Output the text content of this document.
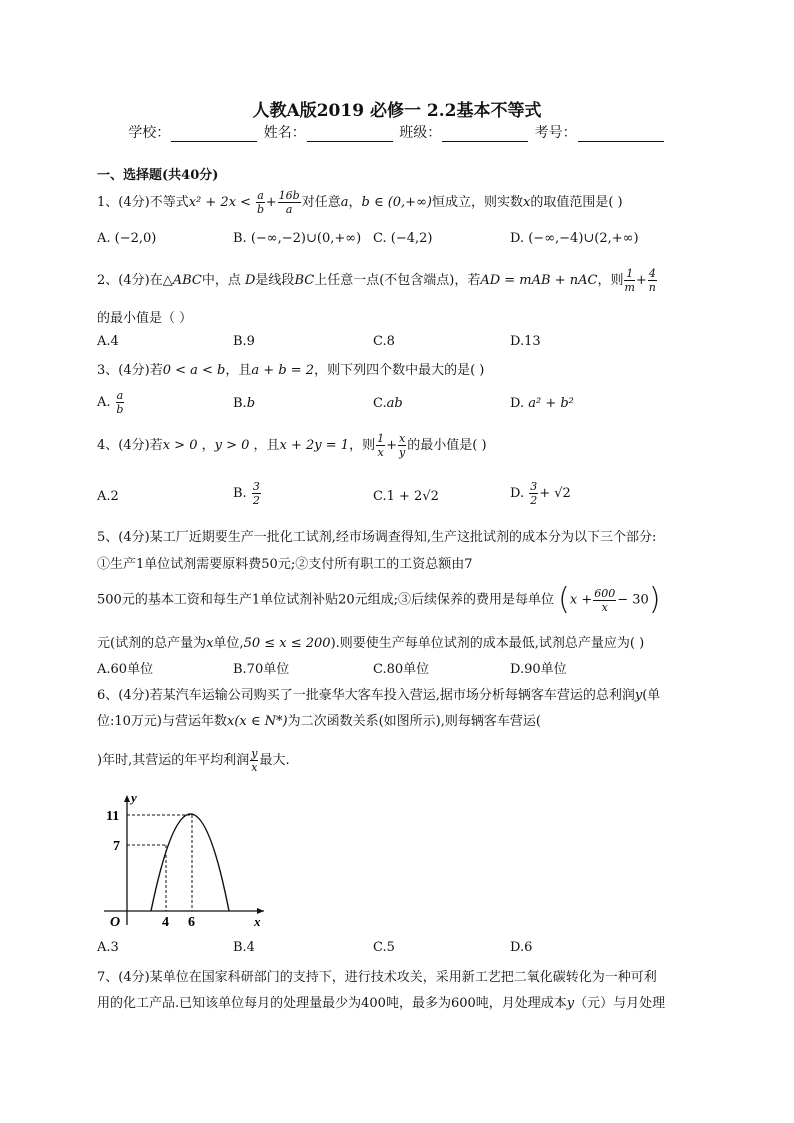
人教A版2019 必修一 2.2基本不等式
学校：	姓名：	班级：	考号：
一、选择题(共40分)
1、(4分)不等式$x^2 + 2x < \frac{a}{b} + \frac{16b}{a}$ 对任意a，b ∈ (0,+∞)恒成立，则实数x的取值范围是( )
A. (−2,0)	B. (−∞,−2)∪(0,+∞) C. (−4,2)	D. (−∞,−4)∪(2,+∞)
2、(4分)在△ABC中，点 D是线段BC上任意一点(不包含端点)，若AD = mAB + nAC，则 $\frac{1}{m} + \frac{4}{n}$
的最小值是（ ）
A.4	B.9	C.8	D.13
3、(4分)若0 < a < b，且a + b = 2，则下列四个数中最大的是( )
A. $\frac{a}{b}$	B.b	C.ab	D. a² + b²
4、(4分)若x > 0 ，y > 0 ，且x + 2y = 1，则 $\frac{1}{x} + \frac{x}{y}$ 的最小值是( )
A.2	B. $\frac{3}{2}$	C.1 + 2√2	D. $\frac{3}{2} + √2$
5、(4分)某工厂近期要生产一批化工试剂,经市场调查得知,生产这批试剂的成本分为以下三个部分:
①生产1单位试剂需要原料费50元;②支付所有职工的工资总额由7
500元的基本工资和每生产1单位试剂补贴20元组成;③后续保养的费用是每单位 $(x + \frac{600}{x} - 30)$
元(试剂的总产量为x单位,50 ≤ x ≤ 200).则要使生产每单位试剂的成本最低,试剂总产量应为( )
A.60单位	B.70单位	C.80单位	D.90单位
6、(4分)若某汽车运输公司购买了一批豪华大客车投入营运,据市场分析每辆客车营运的总利润y(单
位:10万元)与营运年数x(x ∈ N*)为二次函数关系(如图所示),则每辆客车营运(
)年时,其营运的年平均利润 $\frac{y}{x}$ 最大.
y
x
O
11
7
4 6
A.3	B.4	C.5	D.6
7、(4分)某单位在国家科研部门的支持下，进行技术攻关，采用新工艺把二氧化碳转化为一种可利
用的化工产品.已知该单位每月的处理量最少为400吨，最多为600吨，月处理成本y（元）与月处理
